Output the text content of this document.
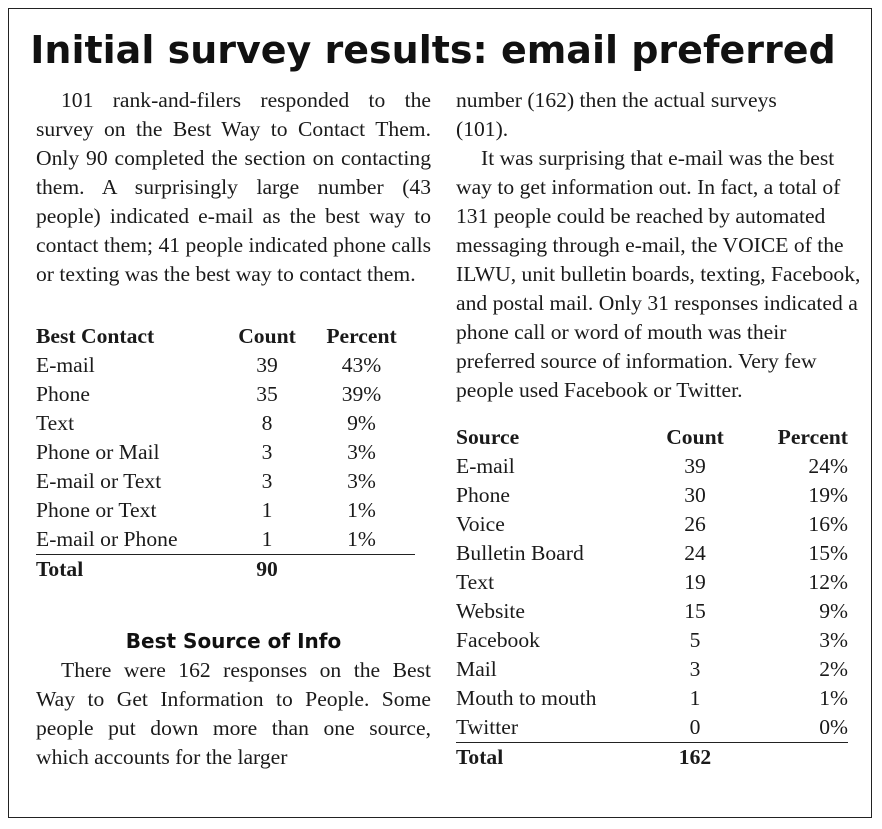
Initial survey results: email preferred

101 rank-and-filers responded to the survey on the Best Way to Contact Them. Only 90 completed the section on contacting them. A surprisingly large number (43 people) indicated e-mail as the best way to contact them; 41 people indicated phone calls or texting was the best way to contact them.

Best Contact	Count	Percent
E-mail	39	43%
Phone	35	39%
Text	8	9%
Phone or Mail	3	3%
E-mail or Text	3	3%
Phone or Text	1	1%
E-mail or Phone	1	1%
Total	90	
Best Source of Info

There were 162 responses on the Best Way to Get Information to People. Some people put down more than one source, which accounts for the larger

number (162) then the actual surveys (101).

It was surprising that e-mail was the best way to get information out. In fact, a total of 131 people could be reached by automated messaging through e-mail, the VOICE of the ILWU, unit bulletin boards, texting, Facebook, and postal mail. Only 31 responses indicated a phone call or word of mouth was their preferred source of information. Very few people used Facebook or Twitter.

Source	Count	Percent
E-mail	39	24%
Phone	30	19%
Voice	26	16%
Bulletin Board	24	15%
Text	19	12%
Website	15	9%
Facebook	5	3%
Mail	3	2%
Mouth to mouth	1	1%
Twitter	0	0%
Total	162	
